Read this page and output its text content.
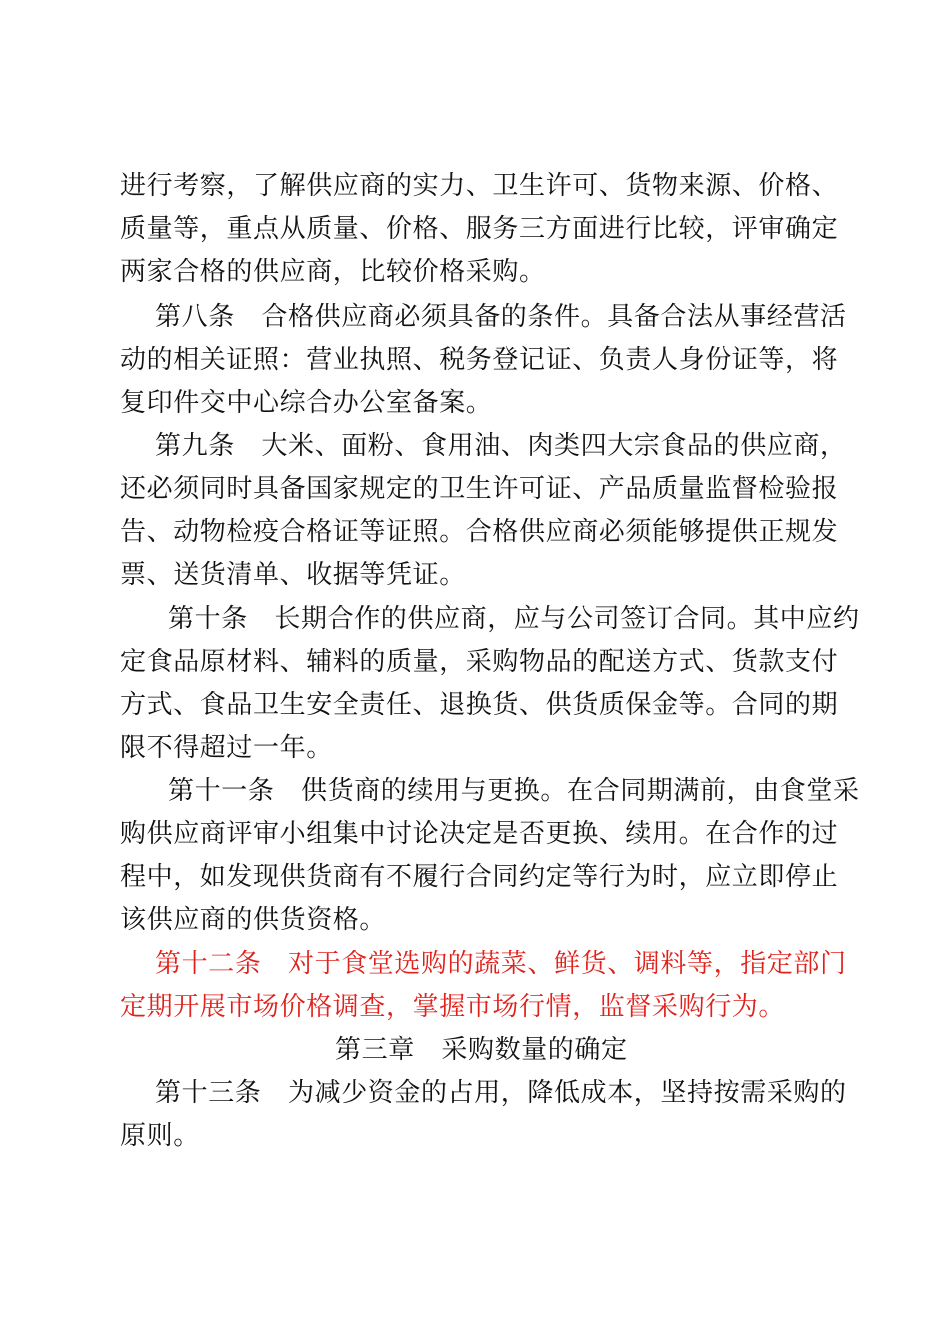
进行考察，了解供应商的实力、卫生许可、货物来源、价格、
质量等，重点从质量、价格、服务三方面进行比较，评审确定
两家合格的供应商，比较价格采购。
第八条　合格供应商必须具备的条件。具备合法从事经营活
动的相关证照：营业执照、税务登记证、负责人身份证等，将
复印件交中心综合办公室备案。
第九条　大米、面粉、食用油、肉类四大宗食品的供应商，
还必须同时具备国家规定的卫生许可证、产品质量监督检验报
告、动物检疫合格证等证照。合格供应商必须能够提供正规发
票、送货清单、收据等凭证。
第十条　长期合作的供应商，应与公司签订合同。其中应约
定食品原材料、辅料的质量，采购物品的配送方式、货款支付
方式、食品卫生安全责任、退换货、供货质保金等。合同的期
限不得超过一年。
第十一条　供货商的续用与更换。在合同期满前，由食堂采
购供应商评审小组集中讨论决定是否更换、续用。在合作的过
程中，如发现供货商有不履行合同约定等行为时，应立即停止
该供应商的供货资格。
第十二条　对于食堂选购的蔬菜、鲜货、调料等，指定部门
定期开展市场价格调查，掌握市场行情，监督采购行为。
第三章　采购数量的确定
第十三条　为减少资金的占用，降低成本，坚持按需采购的
原则。
